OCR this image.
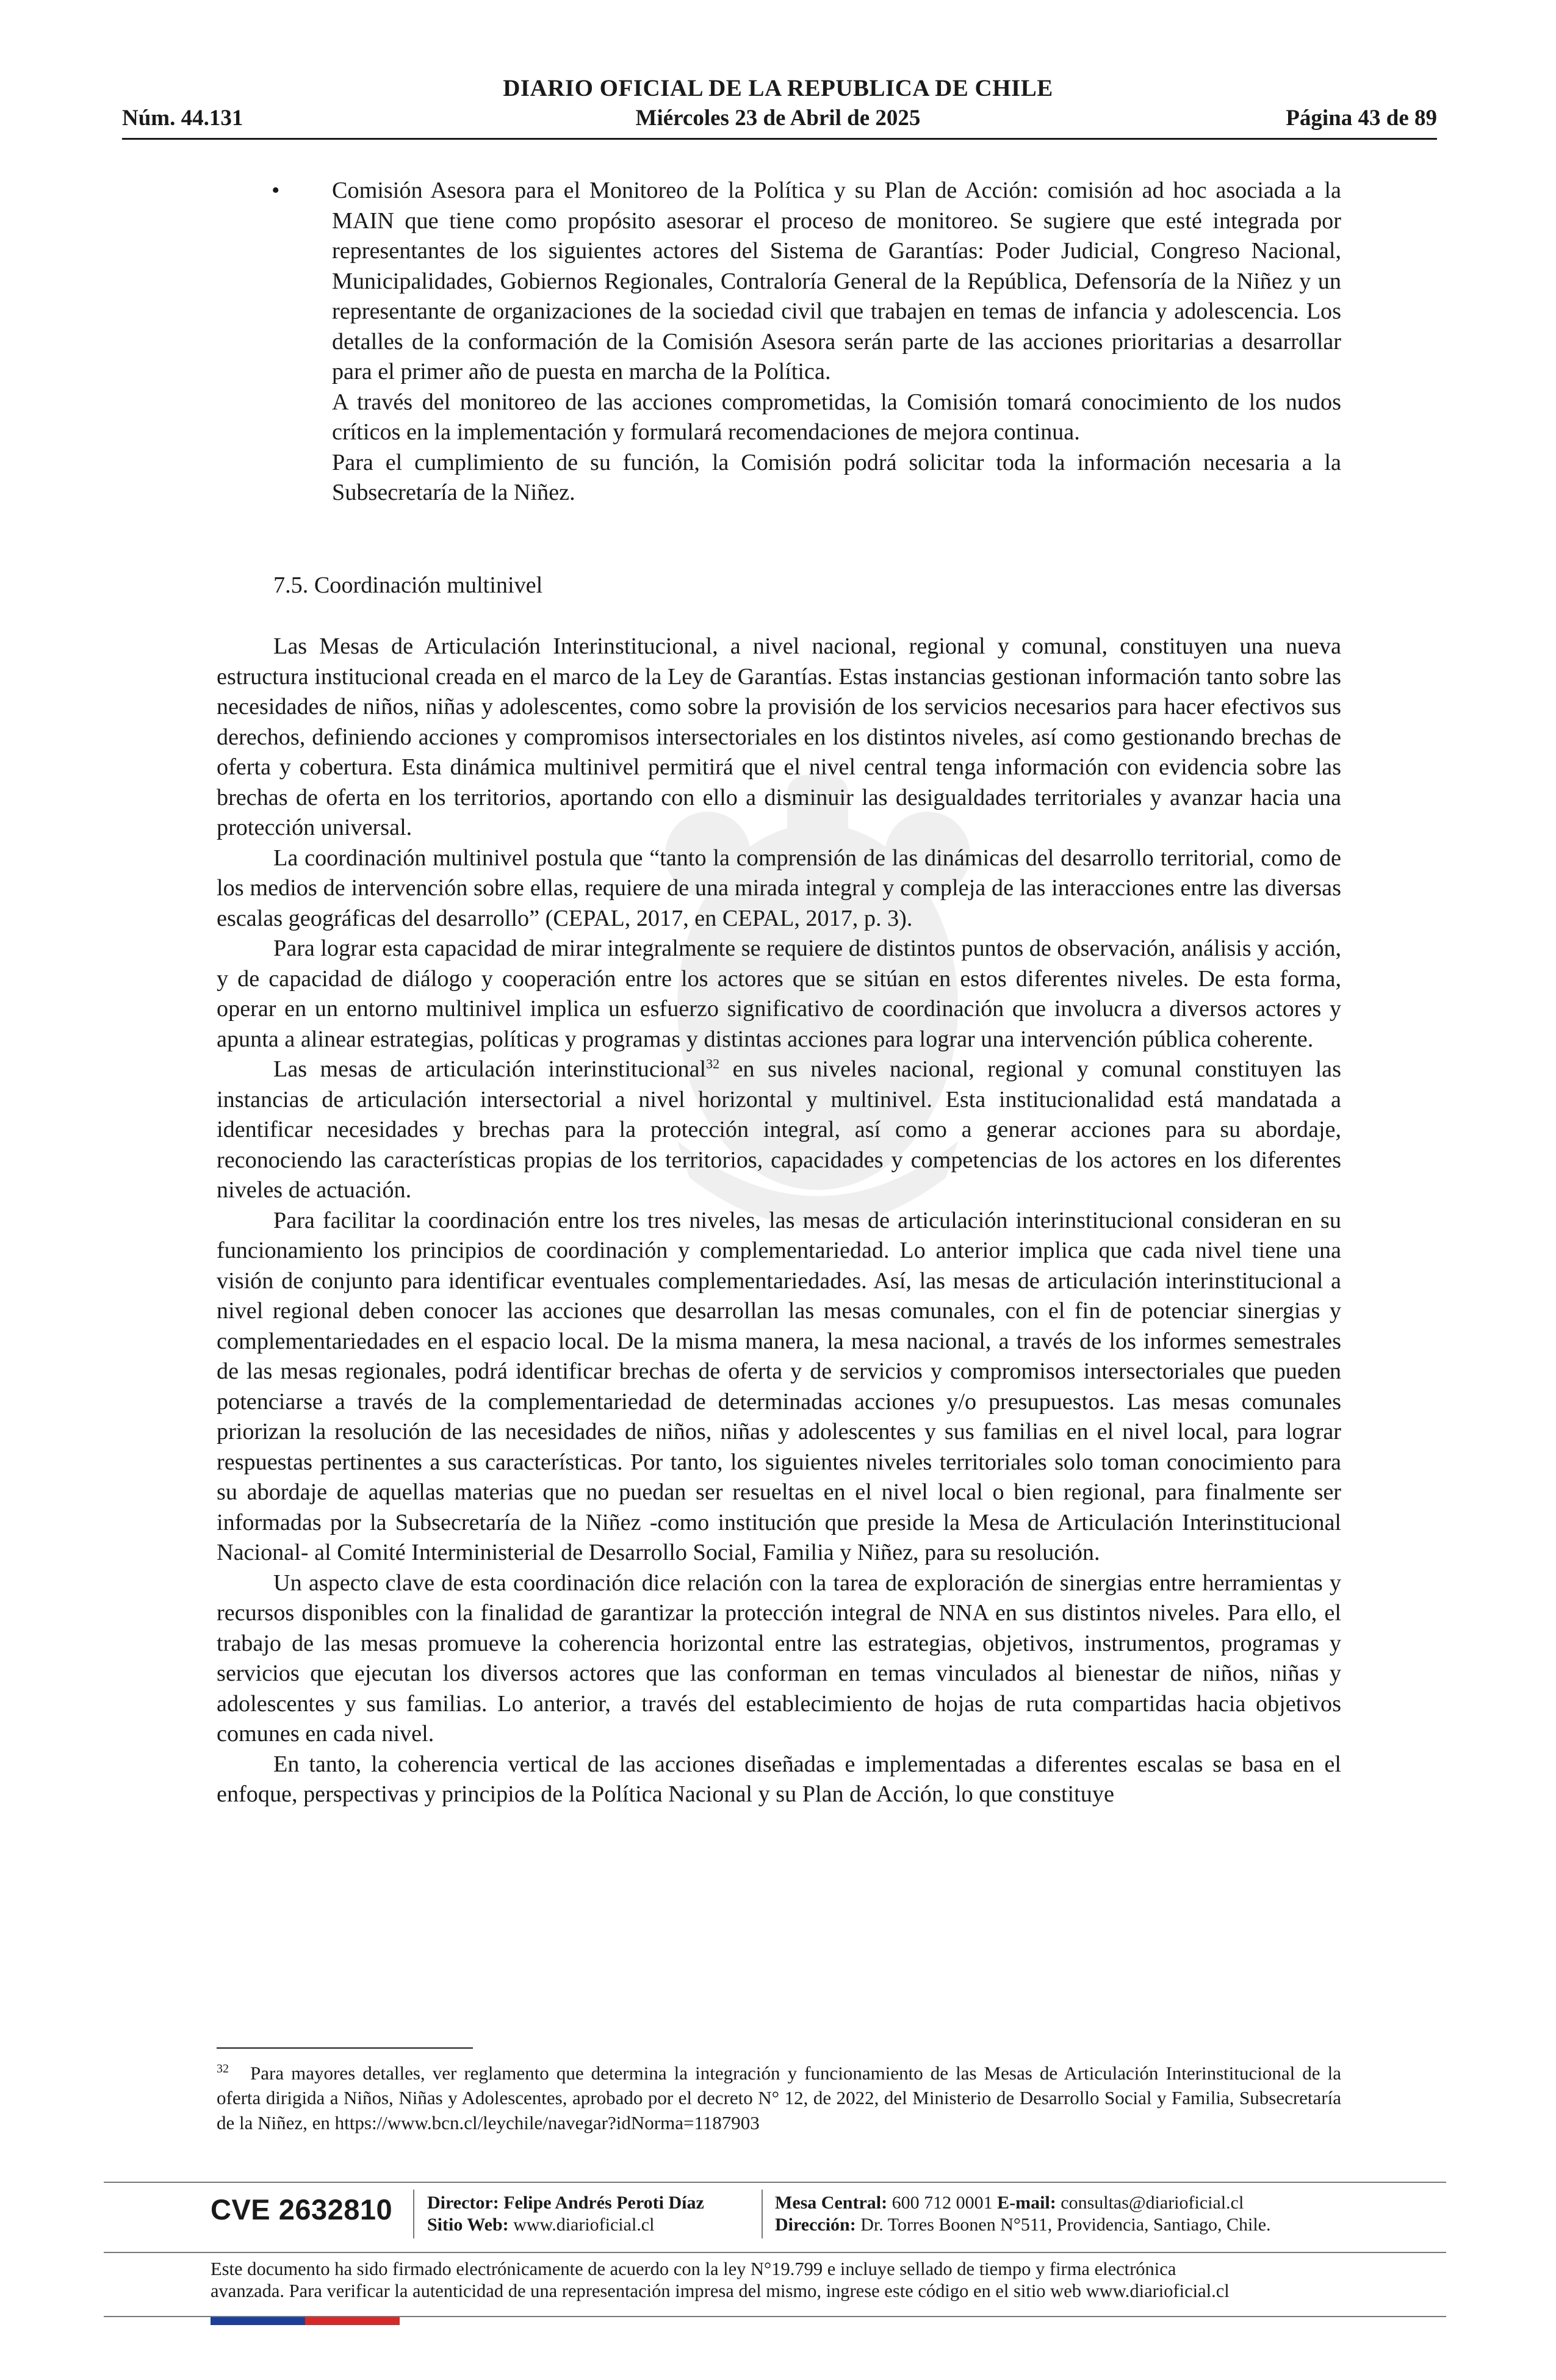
DIARIO OFICIAL DE LA REPUBLICA DE CHILE
Núm. 44.131	Miércoles 23 de Abril de 2025	Página 43 de 89
•	Comisión Asesora para el Monitoreo de la Política y su Plan de Acción: comisión ad hoc asociada a la MAIN que tiene como propósito asesorar el proceso de monitoreo. Se sugiere que esté integrada por representantes de los siguientes actores del Sistema de Garantías: Poder Judicial, Congreso Nacional, Municipalidades, Gobiernos Regionales, Contraloría General de la República, Defensoría de la Niñez y un representante de organizaciones de la sociedad civil que trabajen en temas de infancia y adolescencia. Los detalles de la conformación de la Comisión Asesora serán parte de las acciones prioritarias a desarrollar para el primer año de puesta en marcha de la Política.

A través del monitoreo de las acciones comprometidas, la Comisión tomará conocimiento de los nudos críticos en la implementación y formulará recomendaciones de mejora continua.

Para el cumplimiento de su función, la Comisión podrá solicitar toda la información necesaria a la Subsecretaría de la Niñez.

7.5. Coordinación multinivel

Las Mesas de Articulación Interinstitucional, a nivel nacional, regional y comunal, constituyen una nueva estructura institucional creada en el marco de la Ley de Garantías. Estas instancias gestionan información tanto sobre las necesidades de niños, niñas y adolescentes, como sobre la provisión de los servicios necesarios para hacer efectivos sus derechos, definiendo acciones y compromisos intersectoriales en los distintos niveles, así como gestionando brechas de oferta y cobertura. Esta dinámica multinivel permitirá que el nivel central tenga información con evidencia sobre las brechas de oferta en los territorios, aportando con ello a disminuir las desigualdades territoriales y avanzar hacia una protección universal.

La coordinación multinivel postula que “tanto la comprensión de las dinámicas del desarrollo territorial, como de los medios de intervención sobre ellas, requiere de una mirada integral y compleja de las interacciones entre las diversas escalas geográficas del desarrollo” (CEPAL, 2017, en CEPAL, 2017, p. 3).

Para lograr esta capacidad de mirar integralmente se requiere de distintos puntos de observación, análisis y acción, y de capacidad de diálogo y cooperación entre los actores que se sitúan en estos diferentes niveles. De esta forma, operar en un entorno multinivel implica un esfuerzo significativo de coordinación que involucra a diversos actores y apunta a alinear estrategias, políticas y programas y distintas acciones para lograr una intervención pública coherente.

Las mesas de articulación interinstitucional$^{32}$ en sus niveles nacional, regional y comunal constituyen las instancias de articulación intersectorial a nivel horizontal y multinivel. Esta institucionalidad está mandatada a identificar necesidades y brechas para la protección integral, así como a generar acciones para su abordaje, reconociendo las características propias de los territorios, capacidades y competencias de los actores en los diferentes niveles de actuación.

Para facilitar la coordinación entre los tres niveles, las mesas de articulación interinstitucional consideran en su funcionamiento los principios de coordinación y complementariedad. Lo anterior implica que cada nivel tiene una visión de conjunto para identificar eventuales complementariedades. Así, las mesas de articulación interinstitucional a nivel regional deben conocer las acciones que desarrollan las mesas comunales, con el fin de potenciar sinergias y complementariedades en el espacio local. De la misma manera, la mesa nacional, a través de los informes semestrales de las mesas regionales, podrá identificar brechas de oferta y de servicios y compromisos intersectoriales que pueden potenciarse a través de la complementariedad de determinadas acciones y/o presupuestos. Las mesas comunales priorizan la resolución de las necesidades de niños, niñas y adolescentes y sus familias en el nivel local, para lograr respuestas pertinentes a sus características. Por tanto, los siguientes niveles territoriales solo toman conocimiento para su abordaje de aquellas materias que no puedan ser resueltas en el nivel local o bien regional, para finalmente ser informadas por la Subsecretaría de la Niñez -como institución que preside la Mesa de Articulación Interinstitucional Nacional- al Comité Interministerial de Desarrollo Social, Familia y Niñez, para su resolución.

Un aspecto clave de esta coordinación dice relación con la tarea de exploración de sinergias entre herramientas y recursos disponibles con la finalidad de garantizar la protección integral de NNA en sus distintos niveles. Para ello, el trabajo de las mesas promueve la coherencia horizontal entre las estrategias, objetivos, instrumentos, programas y servicios que ejecutan los diversos actores que las conforman en temas vinculados al bienestar de niños, niñas y adolescentes y sus familias. Lo anterior, a través del establecimiento de hojas de ruta compartidas hacia objetivos comunes en cada nivel.

En tanto, la coherencia vertical de las acciones diseñadas e implementadas a diferentes escalas se basa en el enfoque, perspectivas y principios de la Política Nacional y su Plan de Acción, lo que constituye

$^{32}$ Para mayores detalles, ver reglamento que determina la integración y funcionamiento de las Mesas de Articulación Interinstitucional de la oferta dirigida a Niños, Niñas y Adolescentes, aprobado por el decreto N° 12, de 2022, del Ministerio de Desarrollo Social y Familia, Subsecretaría de la Niñez, en https://www.bcn.cl/leychile/navegar?idNorma=1187903
CVE 2632810 Director: Felipe Andrés Peroti Díaz
Sitio Web: www.diarioficial.cl
Mesa Central: 600 712 0001 E-mail: consultas@diarioficial.cl
Dirección: Dr. Torres Boonen N°511, Providencia, Santiago, Chile.
Este documento ha sido firmado electrónicamente de acuerdo con la ley N°19.799 e incluye sellado de tiempo y firma electrónica
avanzada. Para verificar la autenticidad de una representación impresa del mismo, ingrese este código en el sitio web www.diarioficial.cl
